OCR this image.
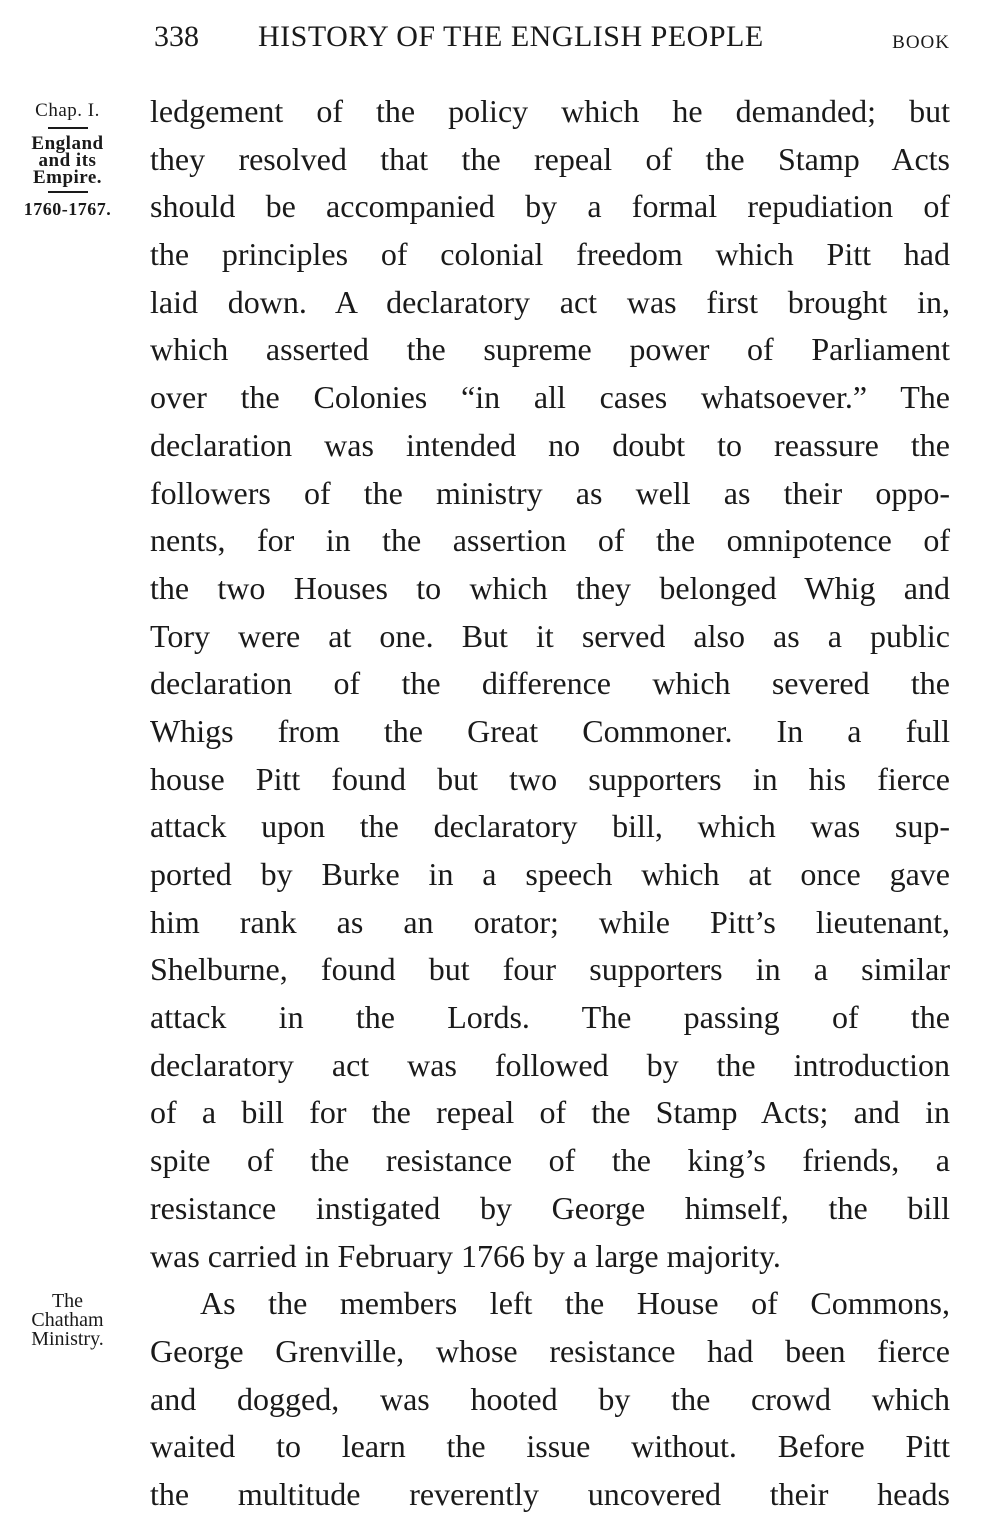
338 HISTORY OF THE ENGLISH PEOPLE	BOOK
Chap. I.
England
and its
Empire.
1760-1767.
The
Chatham
Ministry.
ledgement of the policy which he demanded; but
they resolved that the repeal of the Stamp Acts
should be accompanied by a formal repudiation of
the principles of colonial freedom which Pitt had
laid down. A declaratory act was first brought in,
which asserted the supreme power of Parliament
over the Colonies “in all cases whatsoever.” The
declaration was intended no doubt to reassure the
followers of the ministry as well as their oppo-
nents, for in the assertion of the omnipotence of
the two Houses to which they belonged Whig and
Tory were at one. But it served also as a public
declaration of the difference which severed the
Whigs from the Great Commoner. In a full
house Pitt found but two supporters in his fierce
attack upon the declaratory bill, which was sup-
ported by Burke in a speech which at once gave
him rank as an orator; while Pitt’s lieutenant,
Shelburne, found but four supporters in a similar
attack in the Lords. The passing of the
declaratory act was followed by the introduction
of a bill for the repeal of the Stamp Acts; and in
spite of the resistance of the king’s friends, a
resistance instigated by George himself, the bill
was carried in February 1766 by a large majority.
As the members left the House of Commons,
George Grenville, whose resistance had been fierce
and dogged, was hooted by the crowd which
waited to learn the issue without. Before Pitt
the multitude reverently uncovered their heads
